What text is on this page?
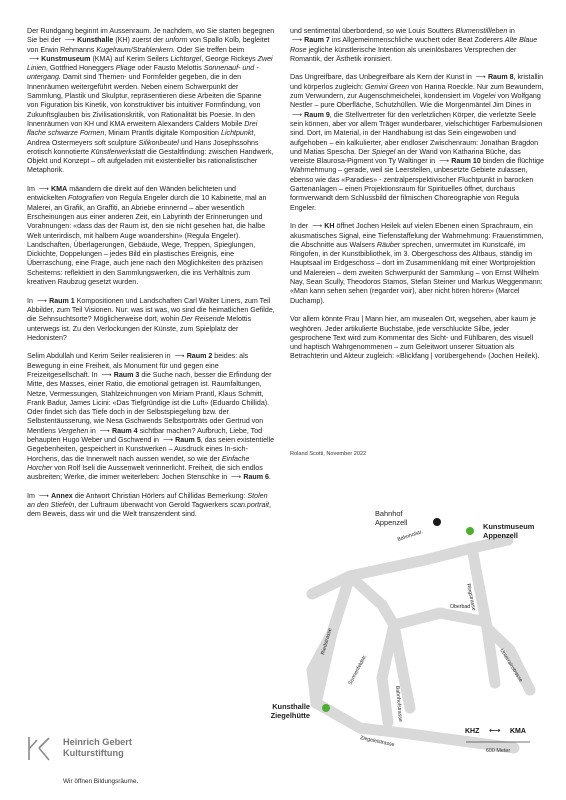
Der Rundgang beginnt im Aussenraum. Je nachdem, wo Sie starten begegnen Sie bei der ⟶ Kunsthalle (KH) zuerst der unform von Spallo Kolb, begleitet von Erwin Rehmanns Kugelraum/Strahlenkern. Oder Sie treffen beim ⟶ Kunstmuseum (KMA) auf Kerim Seilers Lichtorgel, George Rickeys Zwei Linien, Gottfried Honeggers Pliage oder Fausto Melottis Sonnenauf- und -untergang. Damit sind Themen- und Formfelder gegeben, die in den Innenräumen weitergeführt werden. Neben einem Schwerpunkt der Sammlung, Plastik und Skulptur, repräsentieren diese Arbeiten die Spanne von Figuration bis Kinetik, von konstruktiver bis intuitiver Formfindung, von Zukunftsglauben bis Zivilisationskritik, von Rationalität bis Poesie. In den Innenräumen von KH und KMA erweitern Alexanders Calders Mobile Drei flache schwarze Formen, Miriam Prantls digitale Komposition Lichtpunkt, Andrea Ostermeyers soft sculpture Silikonbeutel und Hans Josephssohns erotisch konnotierte Künstlerwerkstatt die Gestaltfindung: zwischen Handwerk, Objekt und Konzept – oft aufgeladen mit existentieller bis rationalistischer Metaphorik.

Im ⟶ KMA mäandern die direkt auf den Wänden belichteten und entwickelten Fotografien von Regula Engeler durch die 10 Kabinette, mal an Malerei, an Grafik, an Graffiti, an Abriebe erinnernd – aber wesentlich Erscheinungen aus einer anderen Zeit, ein Labyrinth der Erinnerungen und Vorahnungen: «dass das der Raum ist, den sie nicht gesehen hat, die halbe Welt unterirdisch, mit halbem Auge woandershin» (Regula Engeler). Landschaften, Überlagerungen, Gebäude, Wege, Treppen, Spieglungen, Dickichte, Doppelungen – jedes Bild ein plastisches Ereignis, eine Überraschung, eine Frage, auch jene nach den Möglichkeiten des präzisen Scheiterns: reflektiert in den Sammlungswerken, die ins Verhältnis zum kreativen Raubzug gesetzt wurden.

In ⟶ Raum 1 Kompositionen und Landschaften Carl Walter Liners, zum Teil Abbilder, zum Teil Visionen. Nur: was ist was, wo sind die heimatlichen Gefilde, die Sehnsuchtsorte? Möglicherweise dort, wohin Der Reisende Melottis unterwegs ist. Zu den Verlockungen der Künste, zum Spielplatz der Hedonisten?

Selim Abdullah und Kerim Seiler realisieren in ⟶ Raum 2 beides: als Bewegung in eine Freiheit, als Monument für und gegen eine Freizeitgesellschaft. In ⟶ Raum 3 die Suche nach, besser die Erfindung der Mitte, des Masses, einer Ratio, die emotional getragen ist. Raumfaltungen, Netze, Vermessungen, Stahlzeichnungen von Miriam Prantl, Klaus Schmitt, Frank Badur, James Licini: «Das Tiefgründige ist die Luft» (Eduardo Chillida). Oder findet sich das Tiefe doch in der Selbstspiegelung bzw. der Selbstentäusserung, wie Nesa Gschwends Selbstporträts oder Gertrud von Mentlens Vergehen in ⟶ Raum 4 sichtbar machen? Aufbruch, Liebe, Tod behaupten Hugo Weber und Gschwend in ⟶ Raum 5, das seien existentielle Gegebenheiten, gespeichert in Kunstwerken – Ausdruck eines In-sich-Horchens, das die Innenwelt nach aussen wendet, so wie der Einfache Horcher von Rolf Iseli die Aussenwelt verinnerlicht. Freiheit, die sich endlos ausbreiten; Werke, die immer weiterleben: Jochen Stenschke in ⟶ Raum 6.

Im ⟶ Annex die Antwort Christian Hörlers auf Chillidas Bemerkung: Stolen an den Stiefeln, der Luftraum überwacht von Gerold Tagwerkers scan.portrait, dem Beweis, dass wir und die Welt transzendent sind.

und sentimental überbordend, so wie Louis Soutters Blumenstillleben in ⟶ Raum 7 ins Allgemeinmenschliche wuchert oder Beat Zoderers Alte Blaue Rose jegliche künstlerische Intention als uneinlösbares Versprechen der Romantik, der Ästhetik ironisiert.

Das Ungreifbare, das Unbegreifbare als Kern der Kunst in ⟶ Raum 8, kristallin und körperlos zugleich: Gemini Green von Hanna Roeckle. Nur zum Bewundern, zum Verwundern, zur Augenschmeichelei, kondensiert im Vogelei von Wolfgang Nestler – pure Oberfläche, Schutzhüllen. Wie die Morgenmäntel Jim Dines in ⟶ Raum 9, die Stellvertreter für den verletzlichen Körper, die verletzte Seele sein können, aber vor allem Träger wunderbarer, vielschichtiger Farbemulsionen sind. Dort, im Material, in der Handhabung ist das Sein eingewoben und aufgehoben – ein kalkulierter, aber endloser Zwischenraum: Jonathan Bragdon und Matias Spescha. Der Spiegel an der Wand von Katharina Büche, das vereiste Blaurosa-Pigment von Ty Waltinger in ⟶ Raum 10 binden die flüchtige Wahrnehmung – gerade, weil sie Leerstellen, unbesetzte Gebiete zulassen, ebenso wie das «Paradies» - zentralperspektivischer Fluchtpunkt in barocken Gartenanlagen – einen Projektionsraum für Spirituelles öffnet, durchaus formverwandt dem Schlussbild der filmischen Choreographie von Regula Engeler.

In der ⟶ KH öffnet Jochen Heilek auf vielen Ebenen einen Sprachraum, ein akusmatisches Signal, eine Tiefenstaffelung der Wahrnehmung: Frauenstimmen, die Abschnitte aus Walsers Räuber sprechen, unvermutet im Kunstcafé, im Ringofen, in der Kunstbibliothek, im 3. Obergeschoss des Altbaus, ständig im Hauptsaal im Erdgeschoss – dort im Zusammenklang mit einer Wortprojektion und Malereien – dem zweiten Schwerpunkt der Sammlung – von Ernst Wilhelm Nay, Sean Scully, Theodoros Stamos, Stefan Steiner und Markus Weggenmann: «Man kann sehen sehen (regarder voir), aber nicht hören hören» (Marcel Duchamp).

Vor allem könnte Frau | Mann hier, am musealen Ort, wegsehen, aber kaum je weghören. Jeder artikulierte Buchstabe, jede verschluckte Silbe, jeder gesprochene Text wird zum Kommentar des Sicht- und Fühlbaren, des visuell und haptisch Wahrgenommenen – zum Geleitwort unserer Situation als Betrachterin und Akteur zugleich: «Blickfang | vorübergehend» (Jochen Heilek).

Roland Scotti, November 2022
Bahnhofstr.
Ringstrasse
Oberbad
Riedstrasse
Sonnenfeldstr.
Bahnhofstrasse
Unterrainstrasse
Ziegeleistrasse
Bahnhof
Appenzell	Kunstmuseum
Appenzell
Kunsthalle
Ziegelhütte
KHZ ⟷ KMA
600 Meter
Heinrich Gebert
Kulturstiftung
Wir öffnen Bildungsräume.
